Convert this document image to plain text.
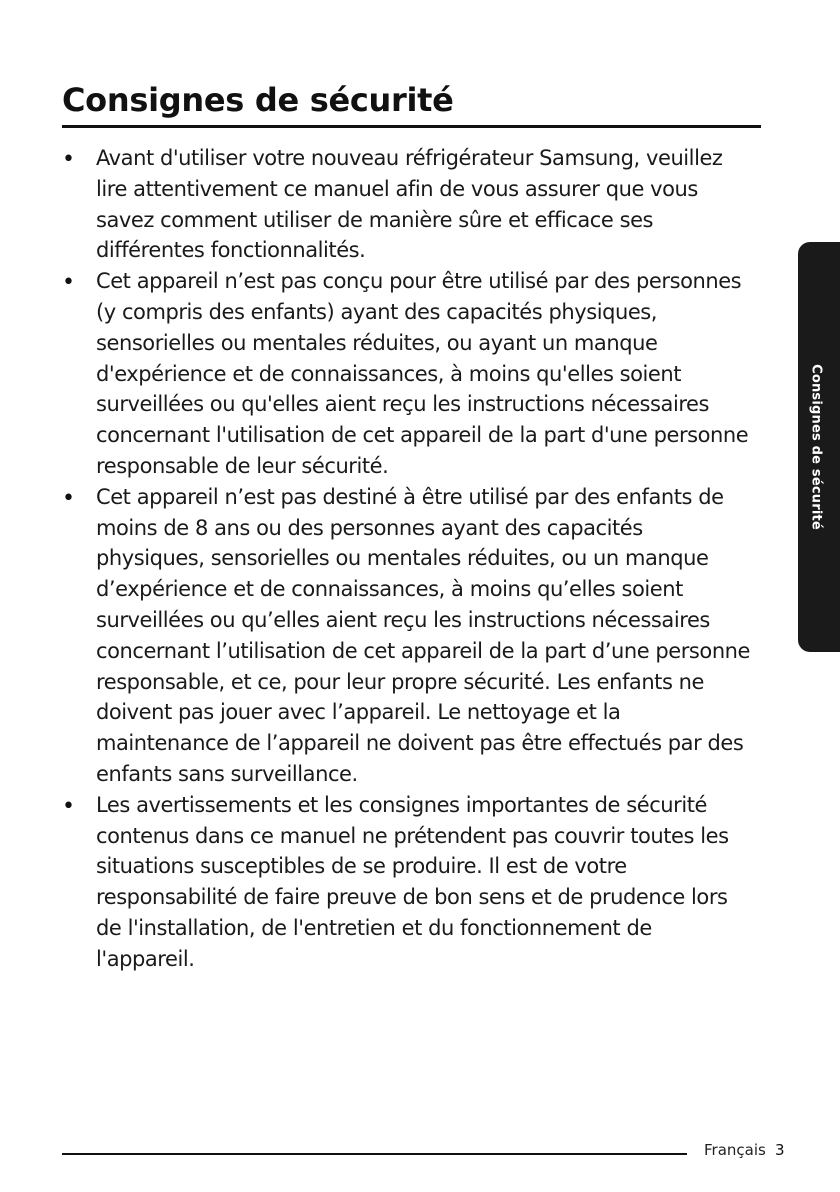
Consignes de sécurité
•	Avant d'utiliser votre nouveau réfrigérateur Samsung, veuillez lire attentivement ce manuel afin de vous assurer que vous savez comment utiliser de manière sûre et efficace ses différentes fonctionnalités.
•	Cet appareil n’est pas conçu pour être utilisé par des personnes (y compris des enfants) ayant des capacités physiques, sensorielles ou mentales réduites, ou ayant un manque d'expérience et de connaissances, à moins qu'elles soient surveillées ou qu'elles aient reçu les instructions nécessaires concernant l'utilisation de cet appareil de la part d'une personne responsable de leur sécurité.
•	Cet appareil n’est pas destiné à être utilisé par des enfants de moins de 8 ans ou des personnes ayant des capacités physiques, sensorielles ou mentales réduites, ou un manque d’expérience et de connaissances, à moins qu’elles soient surveillées ou qu’elles aient reçu les instructions nécessaires concernant l’utilisation de cet appareil de la part d’une personne responsable, et ce, pour leur propre sécurité. Les enfants ne doivent pas jouer avec l’appareil. Le nettoyage et la maintenance de l’appareil ne doivent pas être effectués par des enfants sans surveillance.
•	Les avertissements et les consignes importantes de sécurité contenus dans ce manuel ne prétendent pas couvrir toutes les situations susceptibles de se produire. Il est de votre responsabilité de faire preuve de bon sens et de prudence lors de l'installation, de l'entretien et du fonctionnement de l'appareil.
Consignes de sécurité
Français 3
